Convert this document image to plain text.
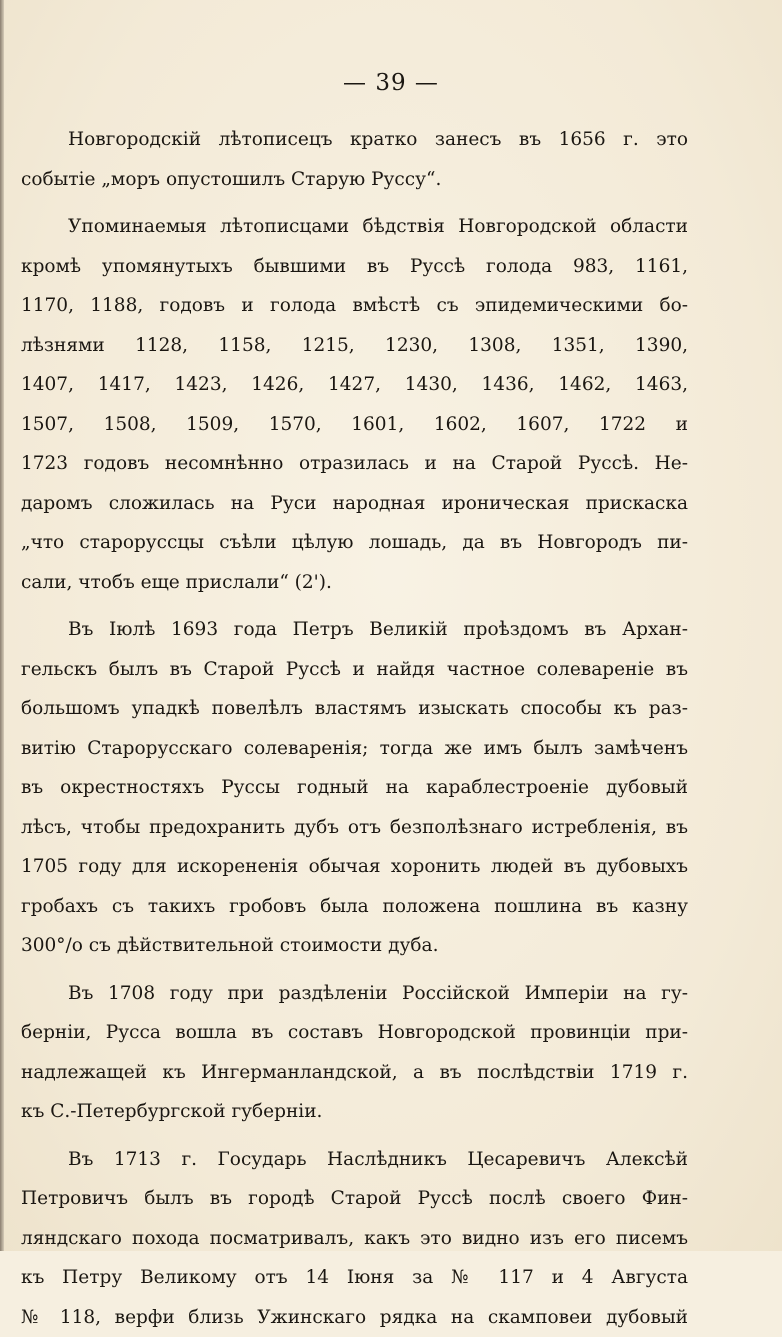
— 39 —
Новгородскій лѣтописецъ кратко занесъ въ 1656 г. это
событіе „моръ опустошилъ Старую Руссу“.
Упоминаемыя лѣтописцами бѣдствія Новгородской области
кромѣ упомянутыхъ бывшими въ Руссѣ голода 983, 1161,
1170, 1188, годовъ и голода вмѣстѣ съ эпидемическими бо-
лѣзнями 1128, 1158, 1215, 1230, 1308, 1351, 1390,
1407, 1417, 1423, 1426, 1427, 1430, 1436, 1462, 1463,
1507, 1508, 1509, 1570, 1601, 1602, 1607, 1722 и
1723 годовъ несомнѣнно отразилась и на Старой Руссѣ. Не-
даромъ сложилась на Руси народная ироническая прискаска
„что старорусcцы съѣли цѣлую лошадь, да въ Новгородъ пи-
сали, чтобъ еще прислали“ (2').
Въ Іюлѣ 1693 года Петръ Великій проѣздомъ въ Архан-
гельскъ былъ въ Старой Руссѣ и найдя частное солевареніе въ
большомъ упадкѣ повелѣлъ властямъ изыскать способы къ раз-
витію Старорусскаго солеваренія; тогда же имъ былъ замѣченъ
въ окрестностяхъ Руссы годный на караблестроеніе дубовый
лѣсъ, чтобы предохранить дубъ отъ безполѣзнаго истребленія, въ
1705 году для искорененія обычая хоронить людей въ дубовыхъ
гробахъ съ такихъ гробовъ была положена пошлина въ казну
300°/о съ дѣйствительной стоимости дуба.
Въ 1708 году при раздѣленіи Россійской Имперіи на гу-
берніи, Русса вошла въ составъ Новгородской провинціи при-
надлежащей къ Ингерманландской, а въ послѣдствіи 1719 г.
къ С.-Петербургской губерніи.
Въ 1713 г. Государь Наслѣдникъ Цесаревичъ Алексѣй
Петровичъ былъ въ городѣ Старой Руссѣ послѣ своего Фин-
ляндскаго похода посматривалъ, какъ это видно изъ его писемъ
къ Петру Великому отъ 14 Іюня за № 117 и 4 Августа
№ 118, верфи близь Ужинскаго рядка на скамповеи дубовый
